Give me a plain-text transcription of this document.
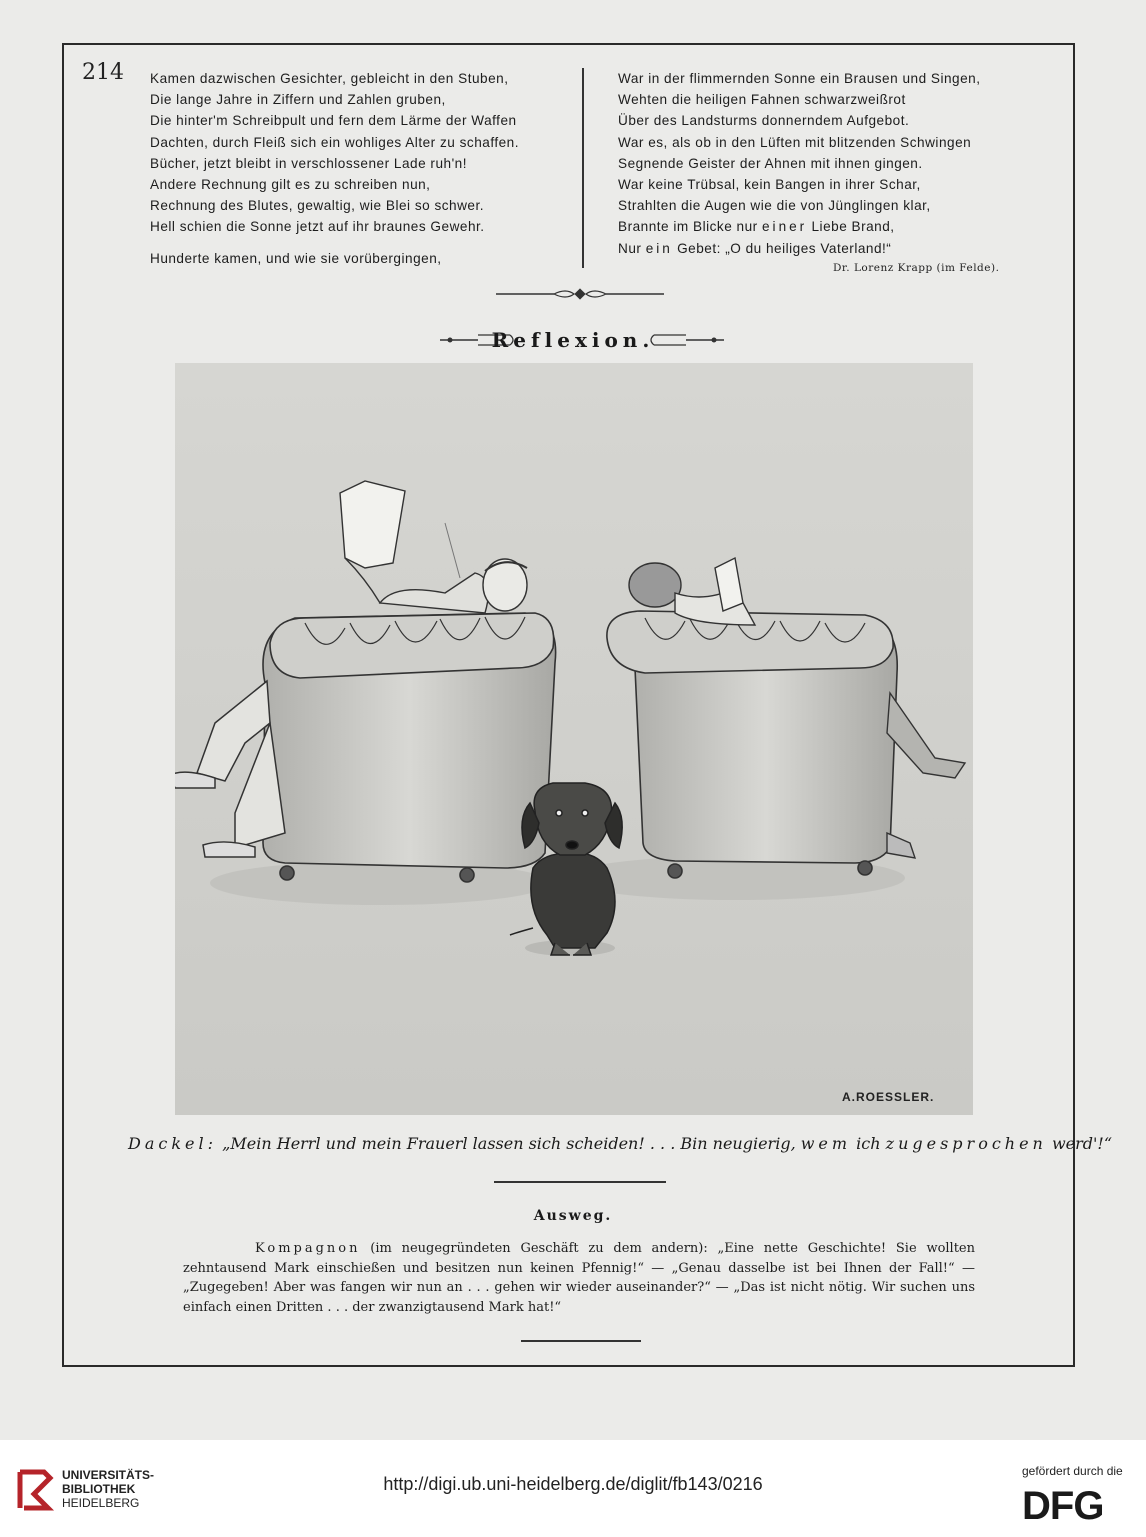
214 Kamen dazwischen Gesichter, gebleicht in den Stuben,
Die lange Jahre in Ziffern und Zahlen gruben,
Die hinter'm Schreibpult und fern dem Lärme der Waffen
Dachten, durch Fleiß sich ein wohliges Alter zu schaffen.
Bücher, jetzt bleibt in verschlossener Lade ruh'n!
Andere Rechnung gilt es zu schreiben nun,
Rechnung des Blutes, gewaltig, wie Blei so schwer.
Hell schien die Sonne jetzt auf ihr braunes Gewehr.
Hunderte kamen, und wie sie vorübergingen,
War in der flimmernden Sonne ein Brausen und Singen,
Wehten die heiligen Fahnen schwarzweißrot
Über des Landsturms donnerndem Aufgebot.
War es, als ob in den Lüften mit blitzenden Schwingen
Segnende Geister der Ahnen mit ihnen gingen.
War keine Trübsal, kein Bangen in ihrer Schar,
Strahlten die Augen wie die von Jünglingen klar,
Brannte im Blicke nur einer Liebe Brand,
Nur ein Gebet: „O du heiliges Vaterland!“
Dr. Lorenz Krapp (im Felde).
Reflexion.
A.ROESSLER.
Dackel: „Mein Herrl und mein Frauerl lassen sich scheiden! . . . Bin neugierig, wem ich zugesprochen werd'!“
Ausweg.
Kompagnon (im neugegründeten Geschäft zu dem andern): „Eine nette Geschichte! Sie wollten zehntausend Mark einschießen und besitzen nun keinen Pfennig!“ — „Genau dasselbe ist bei Ihnen der Fall!“ — „Zugegeben! Aber was fangen wir nun an . . . gehen wir wieder auseinander?“ — „Das ist nicht nötig. Wir suchen uns einfach einen Dritten . . . der zwanzigtausend Mark hat!“
UNIVERSITÄTS-
BIBLIOTHEK
HEIDELBERG
http://digi.ub.uni-heidelberg.de/diglit/fb143/0216
gefördert durch die
DFG
